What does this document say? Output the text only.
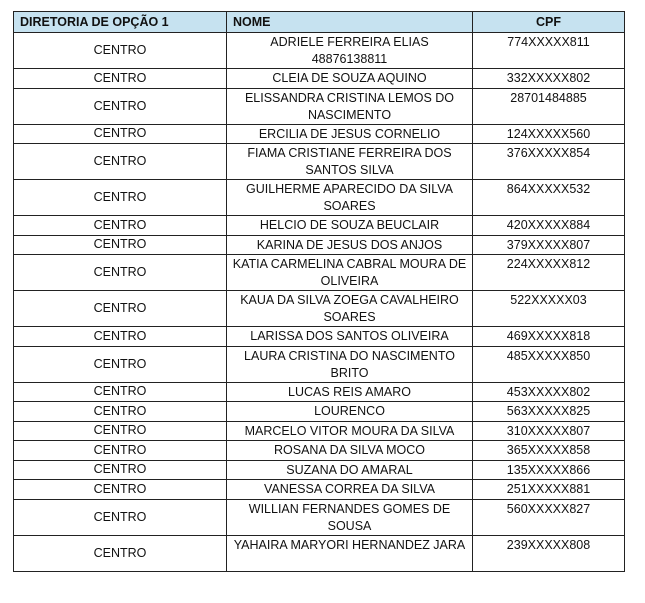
DIRETORIA DE OPÇÃO 1	NOME	CPF
CENTRO	ADRIELE FERREIRA ELIAS 48876138811	774XXXXX811
CENTRO	CLEIA DE SOUZA AQUINO	332XXXXX802
CENTRO	ELISSANDRA CRISTINA LEMOS DO NASCIMENTO	28701484885
CENTRO	ERCILIA DE JESUS CORNELIO	124XXXXX560
CENTRO	FIAMA CRISTIANE FERREIRA DOS SANTOS SILVA	376XXXXX854
CENTRO	GUILHERME APARECIDO DA SILVA SOARES	864XXXXX532
CENTRO	HELCIO DE SOUZA BEUCLAIR	420XXXXX884
CENTRO	KARINA DE JESUS DOS ANJOS	379XXXXX807
CENTRO	KATIA CARMELINA CABRAL MOURA DE OLIVEIRA	224XXXXX812
CENTRO	KAUA DA SILVA ZOEGA CAVALHEIRO SOARES	522XXXXX03
CENTRO	LARISSA DOS SANTOS OLIVEIRA	469XXXXX818
CENTRO	LAURA CRISTINA DO NASCIMENTO BRITO	485XXXXX850
CENTRO	LUCAS REIS AMARO	453XXXXX802
CENTRO	LOURENCO	563XXXXX825
CENTRO	MARCELO VITOR MOURA DA SILVA	310XXXXX807
CENTRO	ROSANA DA SILVA MOCO	365XXXXX858
CENTRO	SUZANA DO AMARAL	135XXXXX866
CENTRO	VANESSA CORREA DA SILVA	251XXXXX881
CENTRO	WILLIAN FERNANDES GOMES DE SOUSA	560XXXXX827
CENTRO	YAHAIRA MARYORI HERNANDEZ JARA	239XXXXX808
